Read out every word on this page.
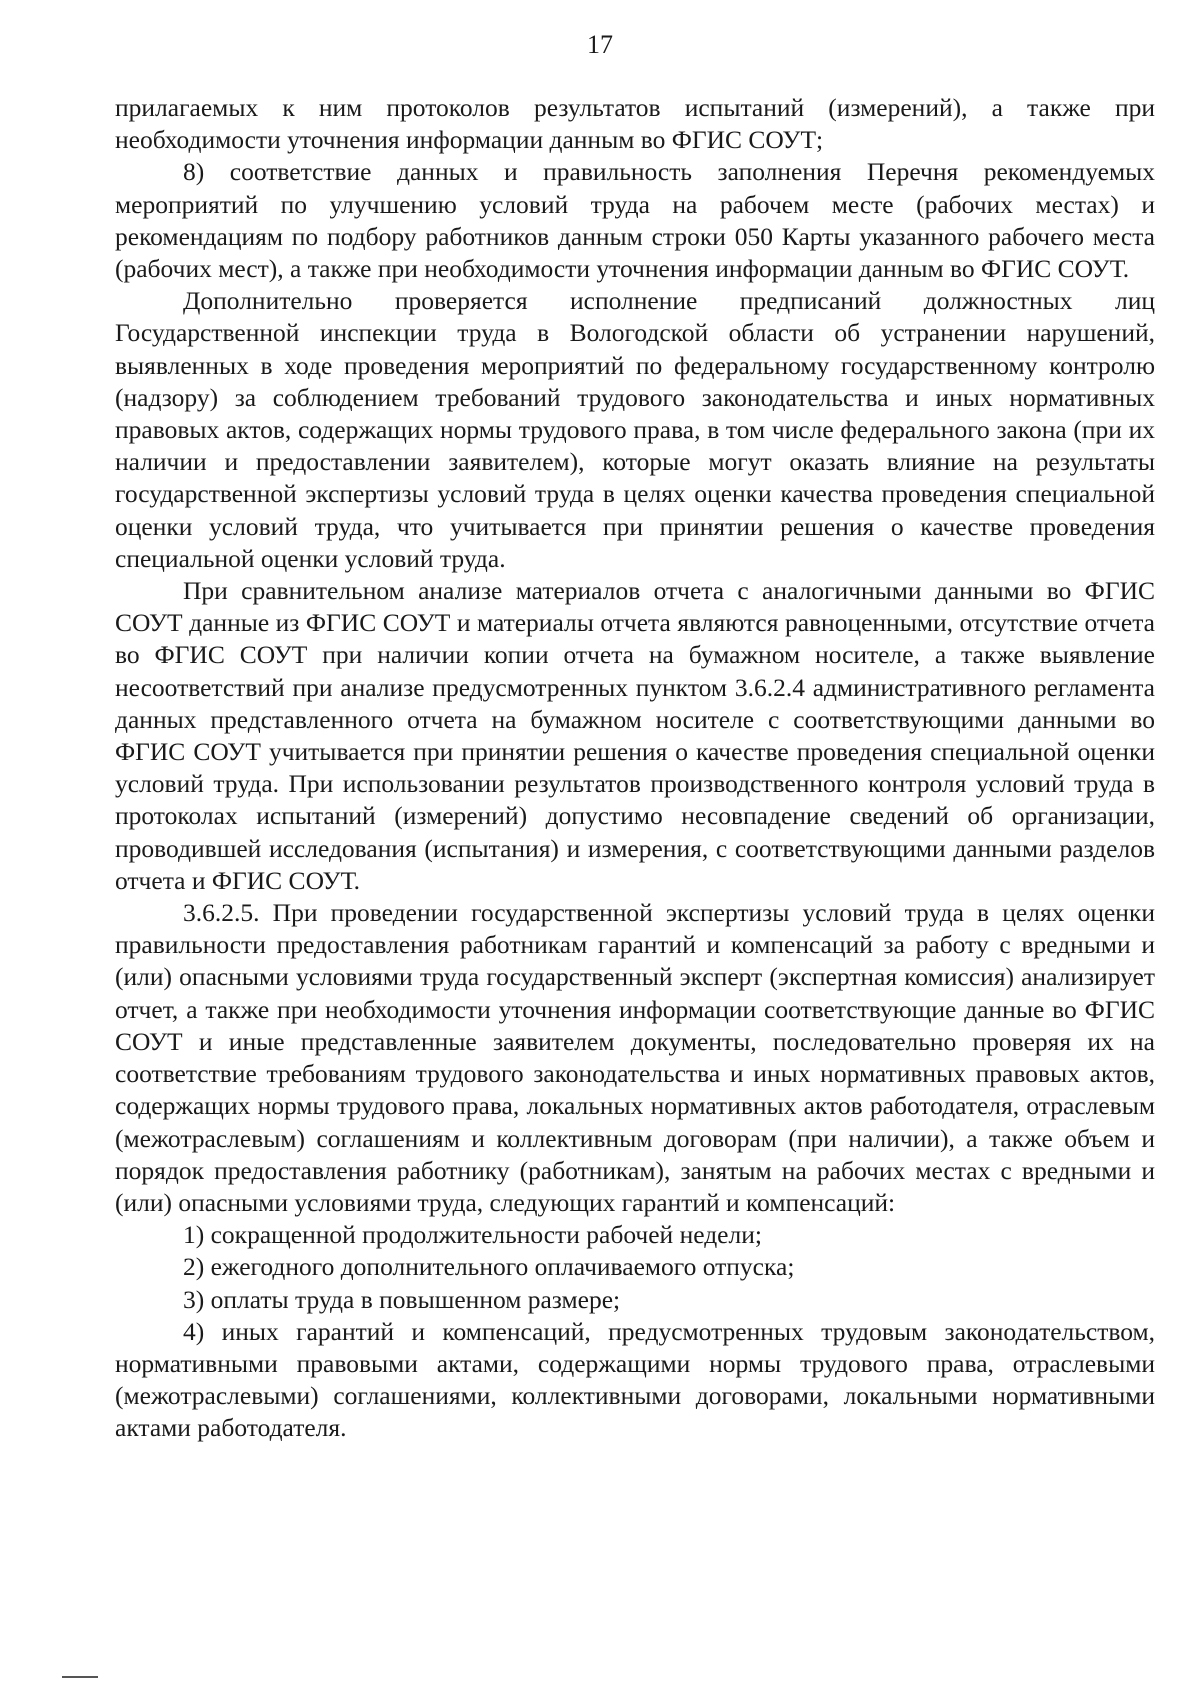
17

прилагаемых к ним протоколов результатов испытаний (измерений), а также при необходимости уточнения информации данным во ФГИС СОУТ;

8) соответствие данных и правильность заполнения Перечня рекомендуемых мероприятий по улучшению условий труда на рабочем месте (рабочих местах) и рекомендациям по подбору работников данным строки 050 Карты указанного рабочего места (рабочих мест), а также при необходимости уточнения информации данным во ФГИС СОУТ.

Дополнительно проверяется исполнение предписаний должностных лиц Государственной инспекции труда в Вологодской области об устранении нарушений, выявленных в ходе проведения мероприятий по федеральному государственному контролю (надзору) за соблюдением требований трудового законодательства и иных нормативных правовых актов, содержащих нормы трудового права, в том числе федерального закона (при их наличии и предоставлении заявителем), которые могут оказать влияние на результаты государственной экспертизы условий труда в целях оценки качества проведения специальной оценки условий труда, что учитывается при принятии решения о качестве проведения специальной оценки условий труда.

При сравнительном анализе материалов отчета с аналогичными данными во ФГИС СОУТ данные из ФГИС СОУТ и материалы отчета являются равноценными, отсутствие отчета во ФГИС СОУТ при наличии копии отчета на бумажном носителе, а также выявление несоответствий при анализе предусмотренных пунктом 3.6.2.4 административного регламента данных представленного отчета на бумажном носителе с соответствующими данными во ФГИС СОУТ учитывается при принятии решения о качестве проведения специальной оценки условий труда. При использовании результатов производственного контроля условий труда в протоколах испытаний (измерений) допустимо несовпадение сведений об организации, проводившей исследования (испытания) и измерения, с соответствующими данными разделов отчета и ФГИС СОУТ.

3.6.2.5. При проведении государственной экспертизы условий труда в целях оценки правильности предоставления работникам гарантий и компенсаций за работу с вредными и (или) опасными условиями труда государственный эксперт (экспертная комиссия) анализирует отчет, а также при необходимости уточнения информации соответствующие данные во ФГИС СОУТ и иные представленные заявителем документы, последовательно проверяя их на соответствие требованиям трудового законодательства и иных нормативных правовых актов, содержащих нормы трудового права, локальных нормативных актов работодателя, отраслевым (межотраслевым) соглашениям и коллективным договорам (при наличии), а также объем и порядок предоставления работнику (работникам), занятым на рабочих местах с вредными и (или) опасными условиями труда, следующих гарантий и компенсаций:

1) сокращенной продолжительности рабочей недели;

2) ежегодного дополнительного оплачиваемого отпуска;

3) оплаты труда в повышенном размере;

4) иных гарантий и компенсаций, предусмотренных трудовым законодательством, нормативными правовыми актами, содержащими нормы трудового права, отраслевыми (межотраслевыми) соглашениями, коллективными договорами, локальными нормативными актами работодателя.
